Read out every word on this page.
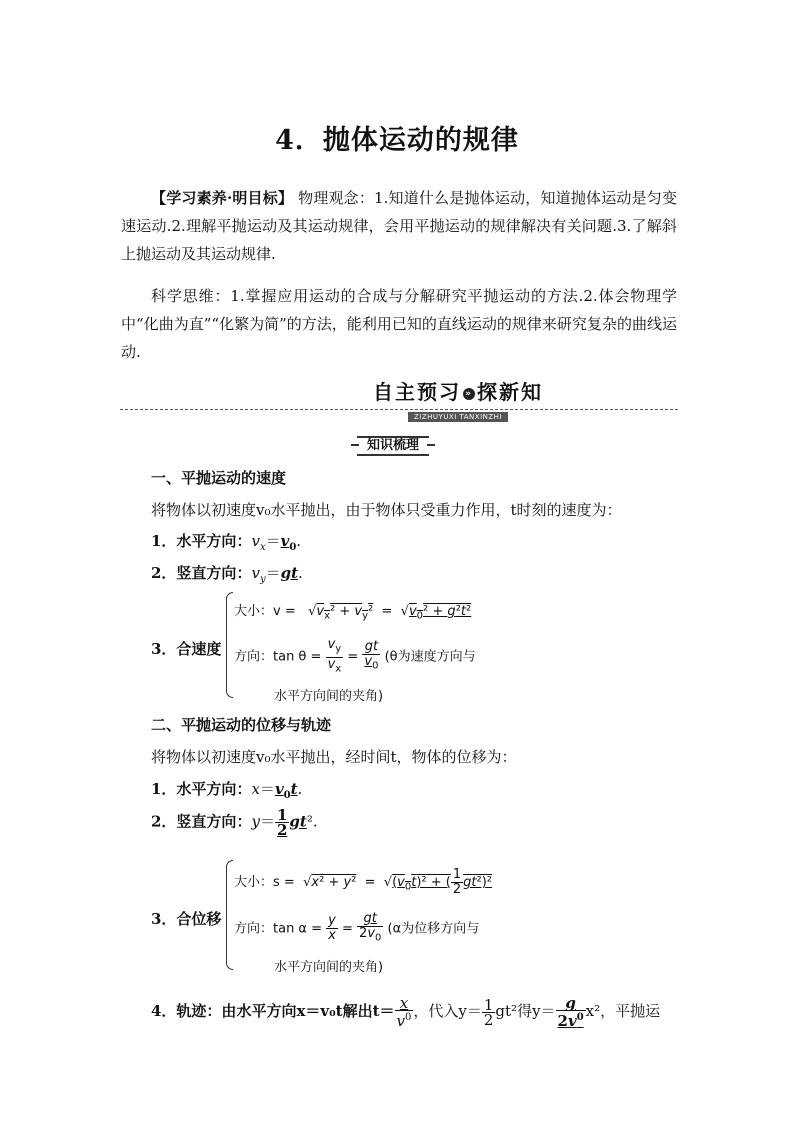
4．抛体运动的规律
【学习素养·明目标】 物理观念：1.知道什么是抛体运动，知道抛体运动是匀变速运动.2.理解平抛运动及其运动规律，会用平抛运动的规律解决有关问题.3.了解斜上抛运动及其运动规律.
科学思维：1.掌握应用运动的合成与分解研究平抛运动的方法.2.体会物理学中“化曲为直”“化繁为简”的方法，能利用已知的直线运动的规律来研究复杂的曲线运动.
自主预习 » 探新知
ZIZHUYUXI TANXINZHI
知识梳理
一、平抛运动的速度
将物体以初速度v₀水平抛出，由于物体只受重力作用，t时刻的速度为：
1．水平方向：$v_x=v_0$.
2．竖直方向：$v_y=gt$.
3．合速度
大小：$v = √v_x^2 + v_y^2 = √v_0^2 + g^2t^2$
方向：$\tan \theta = \frac{v_y}{v_x} = \frac{gt}{v_0} (\theta$为速度方向与
水平方向间的夹角)
二、平抛运动的位移与轨迹
将物体以初速度v₀水平抛出，经时间t，物体的位移为：
1．水平方向：$x=v_0t$.
2．竖直方向：$y= \frac{1}{2} gt^2$.
3．合位移
大小：$s = √x^2 + y^2 = √(v_0t)^2$ + ( $\frac{1}{2} gt^2)^2$
方向：$\tan \alpha = \frac{y}{x} = \frac{gt}{2v_0} (\alpha$为位移方向与
水平方向间的夹角)
4．轨迹：由水平方向x＝v₀t解出$t= \frac{x}{v^0}$ ，代入$y= \frac{1}{2} gt^2$得$y= \frac{g}{2v^0} x^2$，平抛运
